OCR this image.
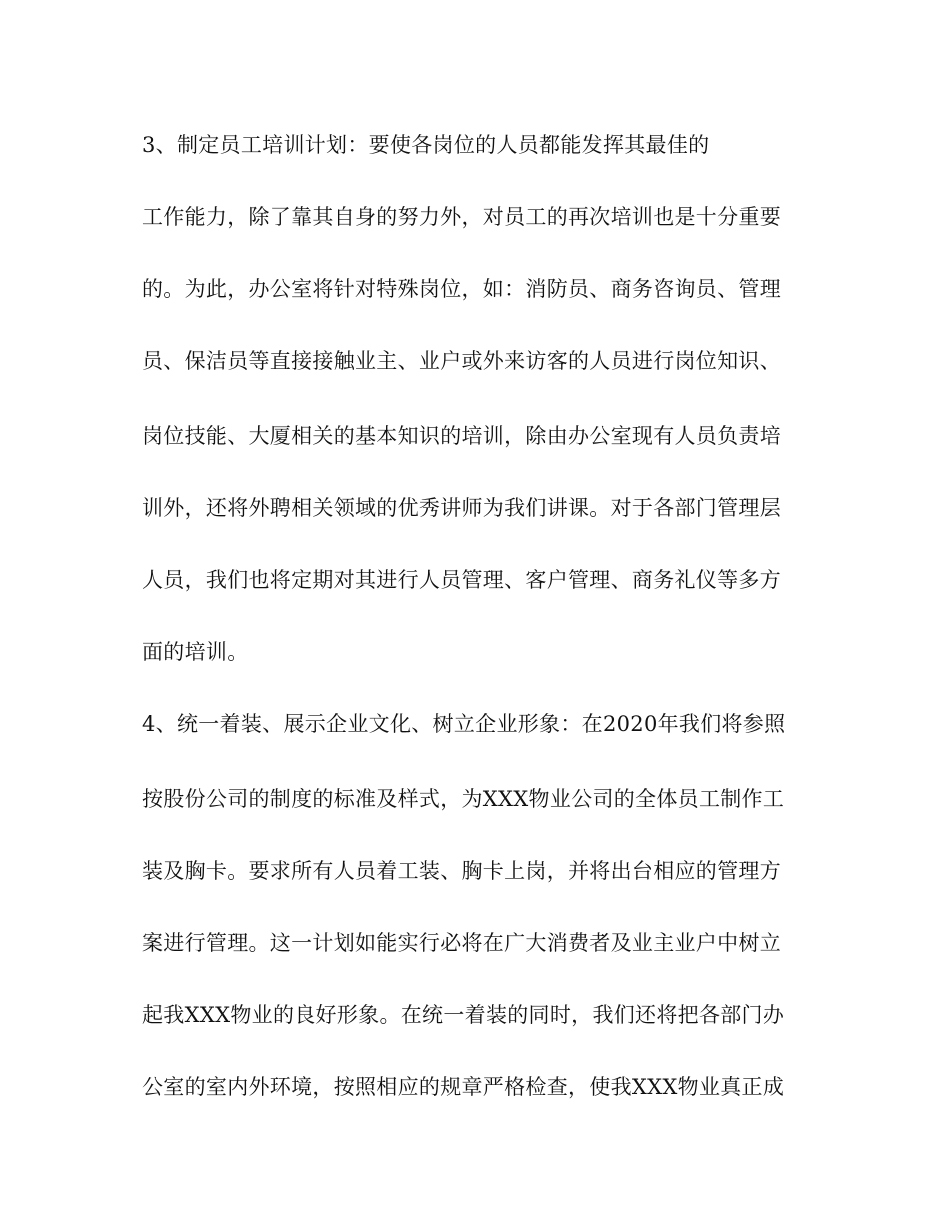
3、制定员工培训计划：要使各岗位的人员都能发挥其最佳的
工作能力，除了靠其自身的努力外，对员工的再次培训也是十分重要
的。为此，办公室将针对特殊岗位，如：消防员、商务咨询员、管理
员、保洁员等直接接触业主、业户或外来访客的人员进行岗位知识、
岗位技能、大厦相关的基本知识的培训，除由办公室现有人员负责培
训外，还将外聘相关领域的优秀讲师为我们讲课。对于各部门管理层
人员，我们也将定期对其进行人员管理、客户管理、商务礼仪等多方
面的培训。
4、统一着装、展示企业文化、树立企业形象：在2020年我们将参照
按股份公司的制度的标准及样式，为XXX物业公司的全体员工制作工
装及胸卡。要求所有人员着工装、胸卡上岗，并将出台相应的管理方
案进行管理。这一计划如能实行必将在广大消费者及业主业户中树立
起我XXX物业的良好形象。在统一着装的同时，我们还将把各部门办
公室的室内外环境，按照相应的规章严格检查，使我XXX物业真正成
